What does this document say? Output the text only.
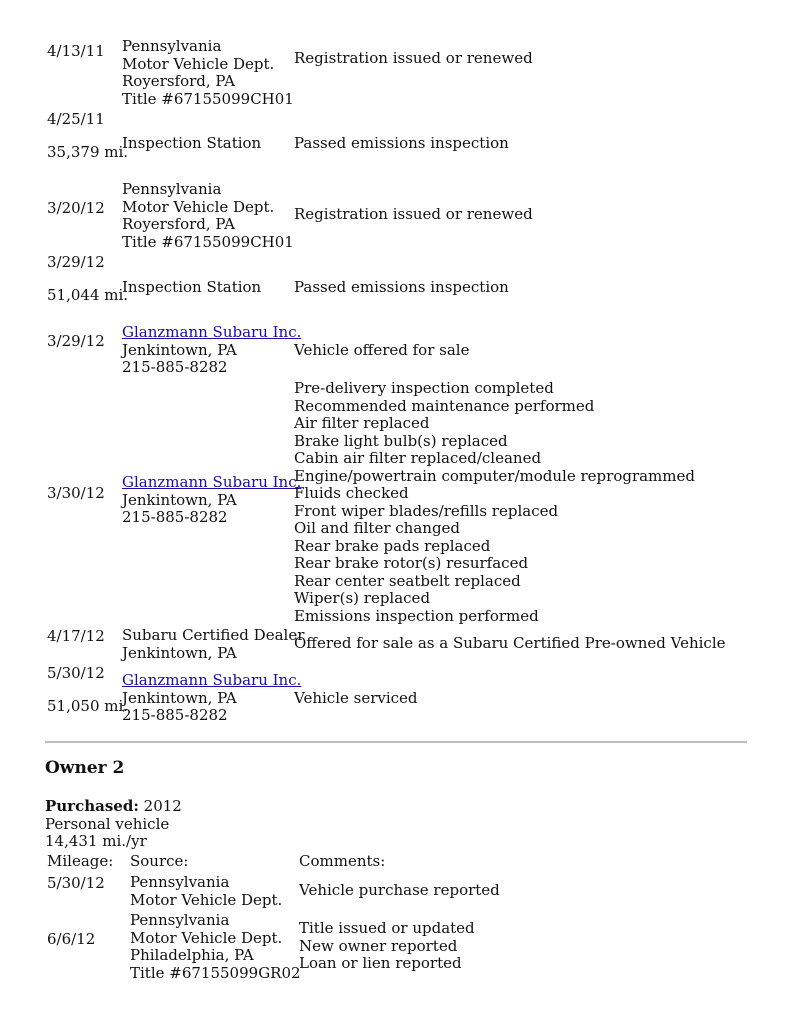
4/13/11 Pennsylvania
Motor Vehicle Dept.
Royersford, PA
Title #67155099CH01
Registration issued or renewed
4/25/11
35,379 mi.
Inspection Station Passed emissions inspection
3/20/12
Pennsylvania
Motor Vehicle Dept.
Royersford, PA
Title #67155099CH01
Registration issued or renewed
3/29/12
51,044 mi.
Inspection Station Passed emissions inspection
3/29/12 Glanzmann Subaru Inc.
Jenkintown, PA
215-885-8282
Vehicle offered for sale
3/30/12
Glanzmann Subaru Inc.
Jenkintown, PA
215-885-8282
Pre-delivery inspection completed
Recommended maintenance performed
Air filter replaced
Brake light bulb(s) replaced
Cabin air filter replaced/cleaned
Engine/powertrain computer/module reprogrammed
Fluids checked
Front wiper blades/refills replaced
Oil and filter changed
Rear brake pads replaced
Rear brake rotor(s) resurfaced
Rear center seatbelt replaced
Wiper(s) replaced
Emissions inspection performed
4/17/12 Subaru Certified Dealer
Jenkintown, PA
Offered for sale as a Subaru Certified Pre-owned Vehicle
5/30/12
51,050 mi.
Glanzmann Subaru Inc.
Jenkintown, PA
215-885-8282
Vehicle serviced
Owner 2
Purchased: 2012
Personal vehicle
14,431 mi./yr
Mileage: Source:	Comments:
5/30/12 Pennsylvania
Motor Vehicle Dept.
Vehicle purchase reported
6/6/12
Pennsylvania
Motor Vehicle Dept.
Philadelphia, PA
Title #67155099GR02
Title issued or updated
New owner reported
Loan or lien reported
